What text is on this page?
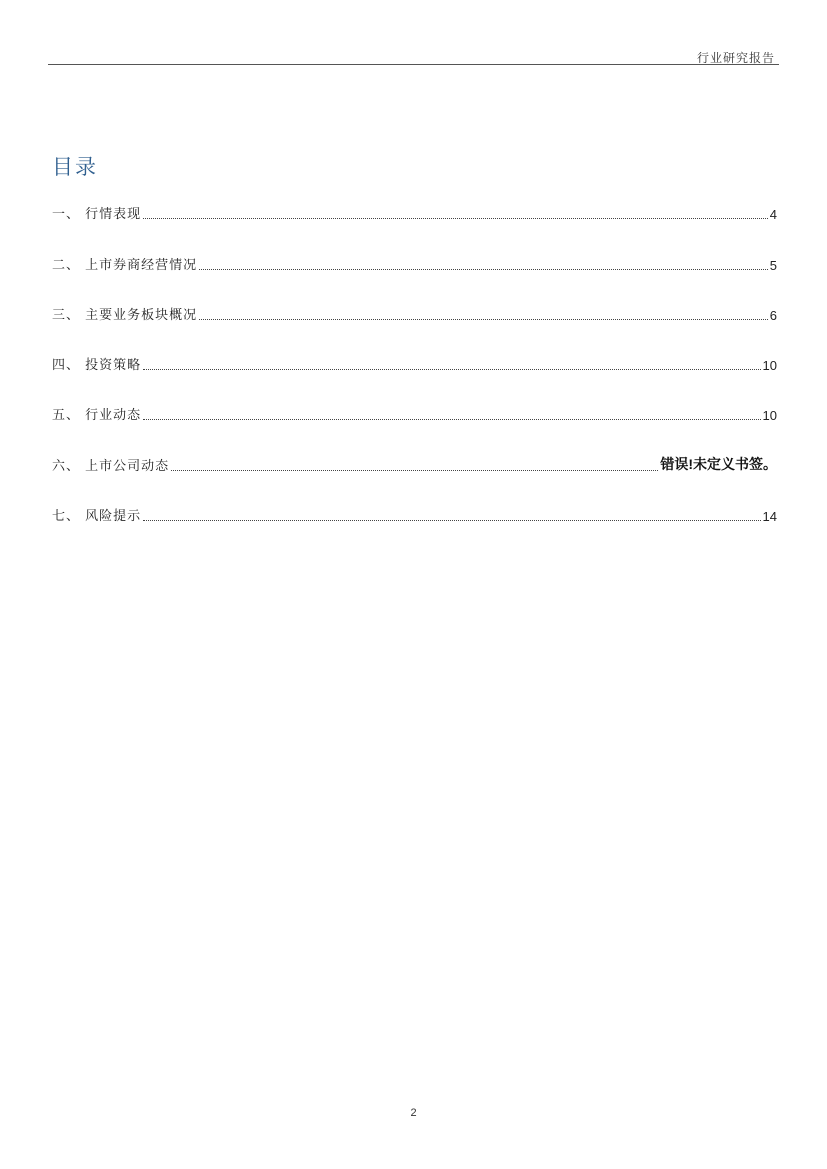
行业研究报告
目录
一、 行情表现	4
二、 上市券商经营情况	5
三、 主要业务板块概况	6
四、 投资策略	10
五、 行业动态	10
六、 上市公司动态	错误!未定义书签。
七、 风险提示	14
2
